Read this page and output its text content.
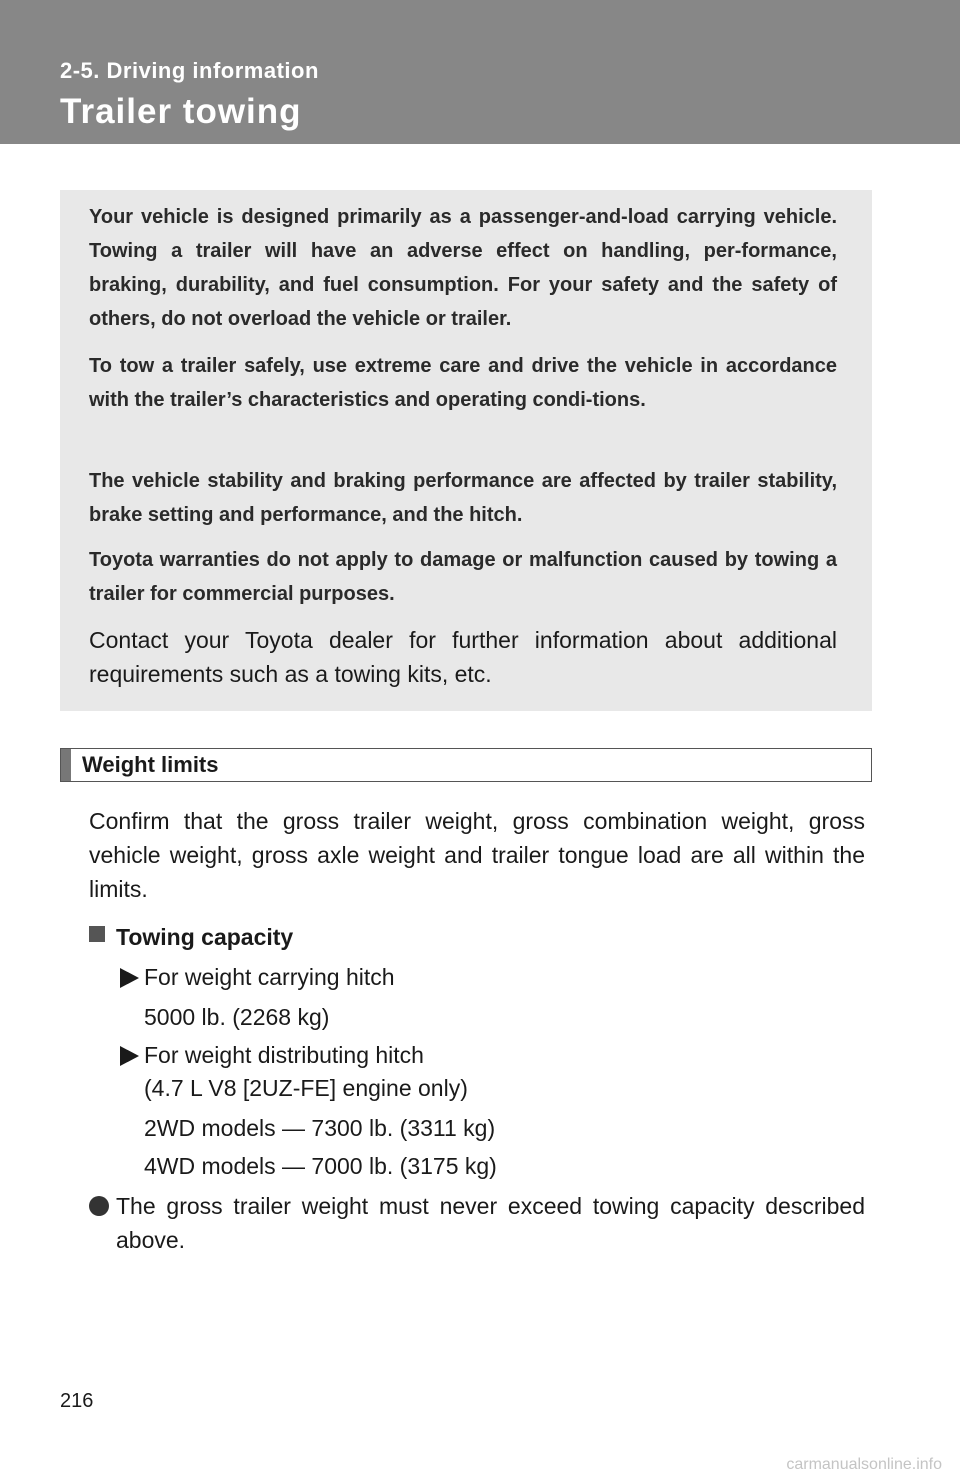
2-5. Driving information
Trailer towing

Your vehicle is designed primarily as a passenger-and-load carrying vehicle. Towing a trailer will have an adverse effect on handling, per-formance, braking, durability, and fuel consumption. For your safety and the safety of others, do not overload the vehicle or trailer.

To tow a trailer safely, use extreme care and drive the vehicle in accordance with the trailer’s characteristics and operating condi-tions.

The vehicle stability and braking performance are affected by trailer stability, brake setting and performance, and the hitch.

Toyota warranties do not apply to damage or malfunction caused by towing a trailer for commercial purposes.

Contact your Toyota dealer for further information about additional requirements such as a towing kits, etc.

Weight limits

Confirm that the gross trailer weight, gross combination weight, gross vehicle weight, gross axle weight and trailer tongue load are all within the limits.

Towing capacity
For weight carrying hitch
5000 lb. (2268 kg)
For weight distributing hitch
(4.7 L V8 [2UZ-FE] engine only)
2WD models — 7300 lb. (3311 kg)
4WD models — 7000 lb. (3175 kg)

The gross trailer weight must never exceed towing capacity described above.

216
carmanualsonline.info
